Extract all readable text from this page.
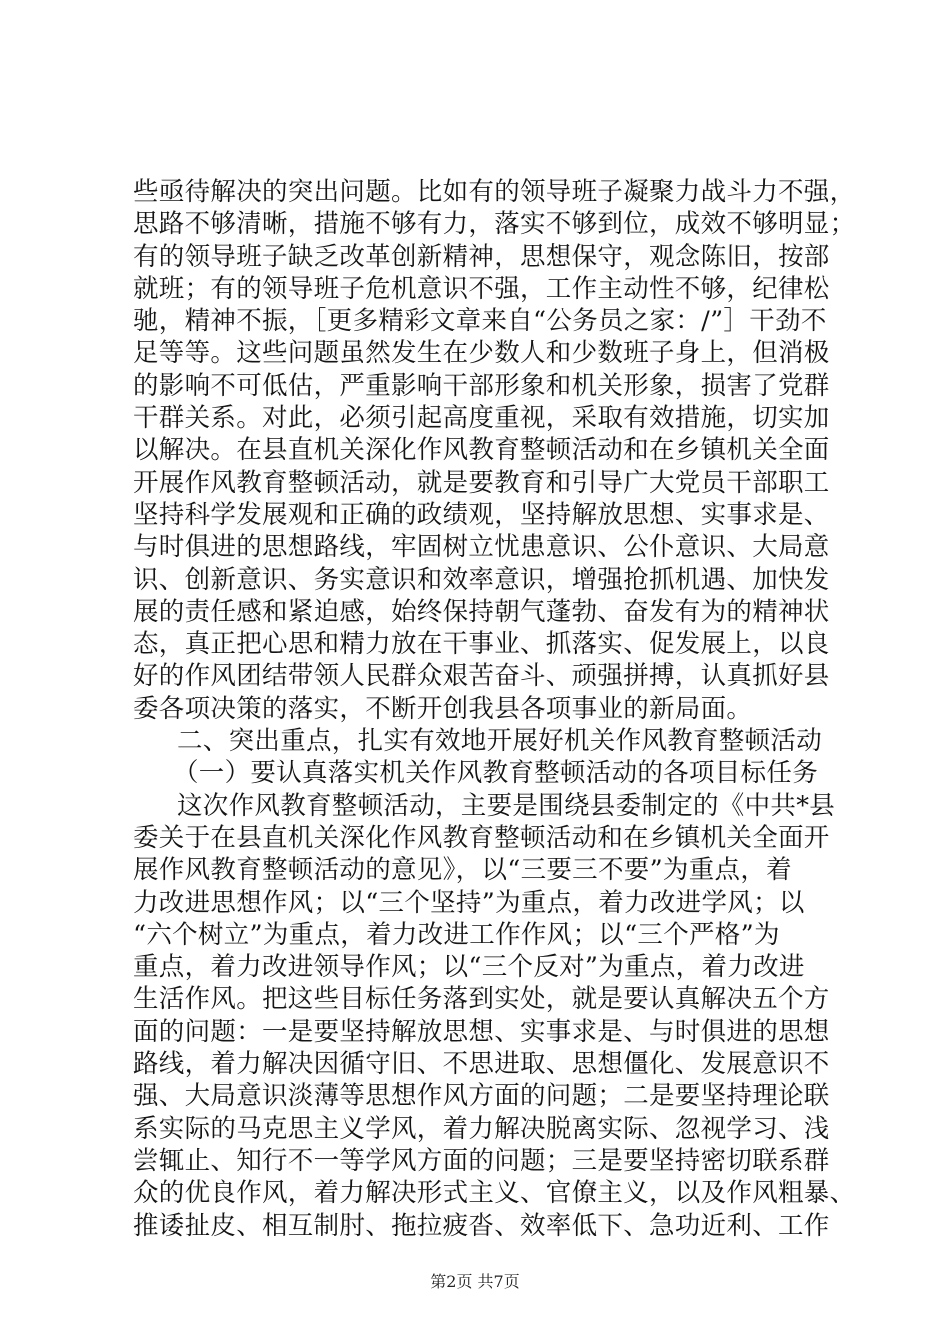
些亟待解决的突出问题。比如有的领导班子凝聚力战斗力不强，
思路不够清晰，措施不够有力，落实不够到位，成效不够明显；
有的领导班子缺乏改革创新精神，思想保守，观念陈旧，按部
就班；有的领导班子危机意识不强，工作主动性不够，纪律松
驰，精神不振，［更多精彩文章来自“公务员之家：/”］干劲不
足等等。这些问题虽然发生在少数人和少数班子身上，但消极
的影响不可低估，严重影响干部形象和机关形象，损害了党群
干群关系。对此，必须引起高度重视，采取有效措施，切实加
以解决。在县直机关深化作风教育整顿活动和在乡镇机关全面
开展作风教育整顿活动，就是要教育和引导广大党员干部职工
坚持科学发展观和正确的政绩观，坚持解放思想、实事求是、
与时俱进的思想路线，牢固树立忧患意识、公仆意识、大局意
识、创新意识、务实意识和效率意识，增强抢抓机遇、加快发
展的责任感和紧迫感，始终保持朝气蓬勃、奋发有为的精神状
态，真正把心思和精力放在干事业、抓落实、促发展上，以良
好的作风团结带领人民群众艰苦奋斗、顽强拼搏，认真抓好县
委各项决策的落实，不断开创我县各项事业的新局面。
二、突出重点，扎实有效地开展好机关作风教育整顿活动
（一）要认真落实机关作风教育整顿活动的各项目标任务
这次作风教育整顿活动，主要是围绕县委制定的《中共*县
委关于在县直机关深化作风教育整顿活动和在乡镇机关全面开
展作风教育整顿活动的意见》，以“三要三不要”为重点，着
力改进思想作风；以“三个坚持”为重点，着力改进学风；以
“六个树立”为重点，着力改进工作作风；以“三个严格”为
重点，着力改进领导作风；以“三个反对”为重点，着力改进
生活作风。把这些目标任务落到实处，就是要认真解决五个方
面的问题：一是要坚持解放思想、实事求是、与时俱进的思想
路线，着力解决因循守旧、不思进取、思想僵化、发展意识不
强、大局意识淡薄等思想作风方面的问题；二是要坚持理论联
系实际的马克思主义学风，着力解决脱离实际、忽视学习、浅
尝辄止、知行不一等学风方面的问题；三是要坚持密切联系群
众的优良作风，着力解决形式主义、官僚主义，以及作风粗暴、
推诿扯皮、相互制肘、拖拉疲沓、效率低下、急功近利、工作
第2页 共7页
